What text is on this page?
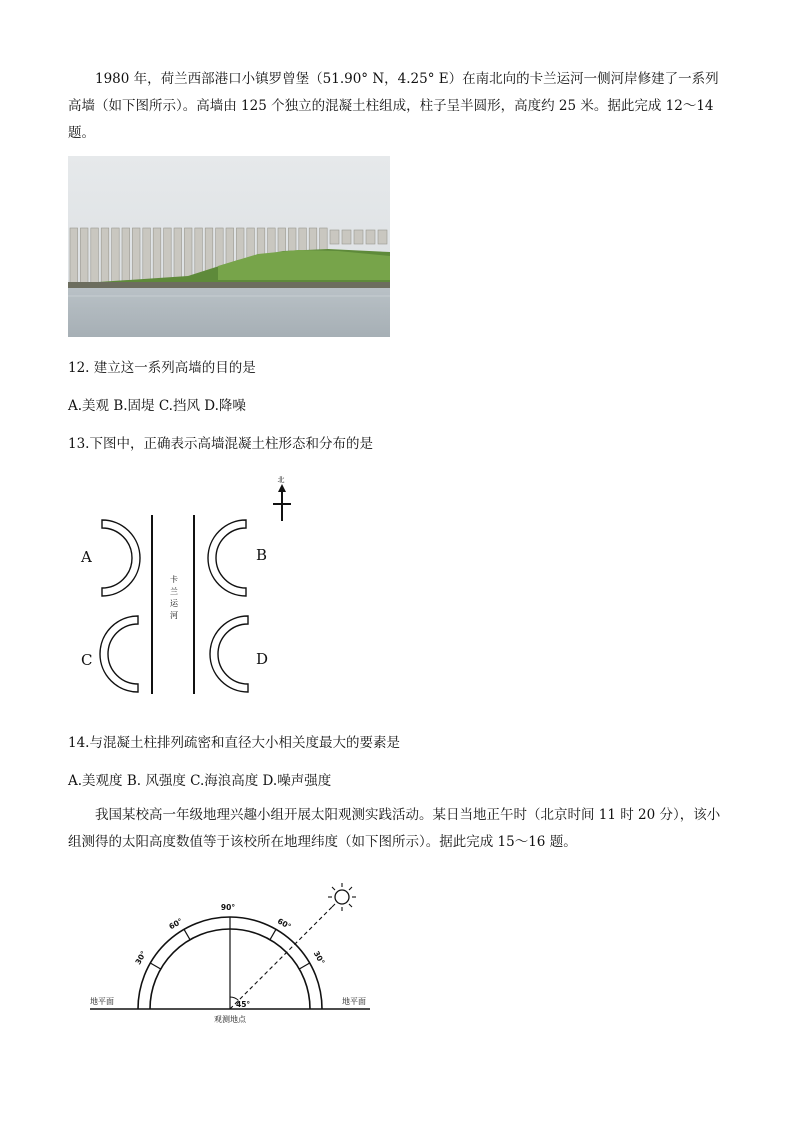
1980 年，荷兰西部港口小镇罗曾堡（51.90° N，4.25° E）在南北向的卡兰运河一侧河岸修建了一系列高墙（如下图所示）。高墙由 125 个独立的混凝土柱组成，柱子呈半圆形，高度约 25 米。据此完成 12～14 题。

12. 建立这一系列高墙的目的是

A.美观 B.固堤 C.挡风 D.降噪

13.下图中，正确表示高墙混凝土柱形态和分布的是

北
卡
兰
运
河
A	B
C	D

14.与混凝土柱排列疏密和直径大小相关度最大的要素是

A.美观度 B. 风强度 C.海浪高度 D.噪声强度

我国某校高一年级地理兴趣小组开展太阳观测实践活动。某日当地正午时（北京时间 11 时 20 分），该小组测得的太阳高度数值等于该校所在地理纬度（如下图所示）。据此完成 15～16 题。

90°
60°
30°
60°
30°
45°
地平面	地平面
观测地点
